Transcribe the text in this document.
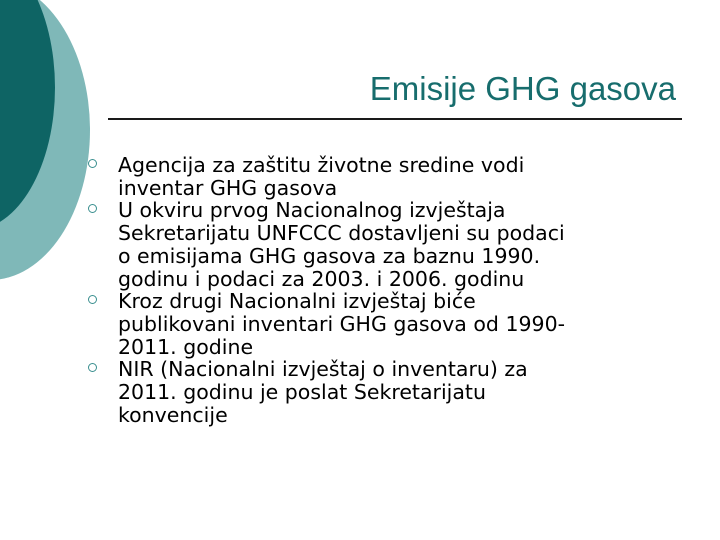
Emisije GHG gasova
Agencija za zaštitu životne sredine vodi
inventar GHG gasova
U okviru prvog Nacionalnog izvještaja
Sekretarijatu UNFCCC dostavljeni su podaci
o emisijama GHG gasova za baznu 1990.
godinu i podaci za 2003. i 2006. godinu
Kroz drugi Nacionalni izvještaj biće
publikovani inventari GHG gasova od 1990-
2011. godine
NIR (Nacionalni izvještaj o inventaru) za
2011. godinu je poslat Sekretarijatu
konvencije
